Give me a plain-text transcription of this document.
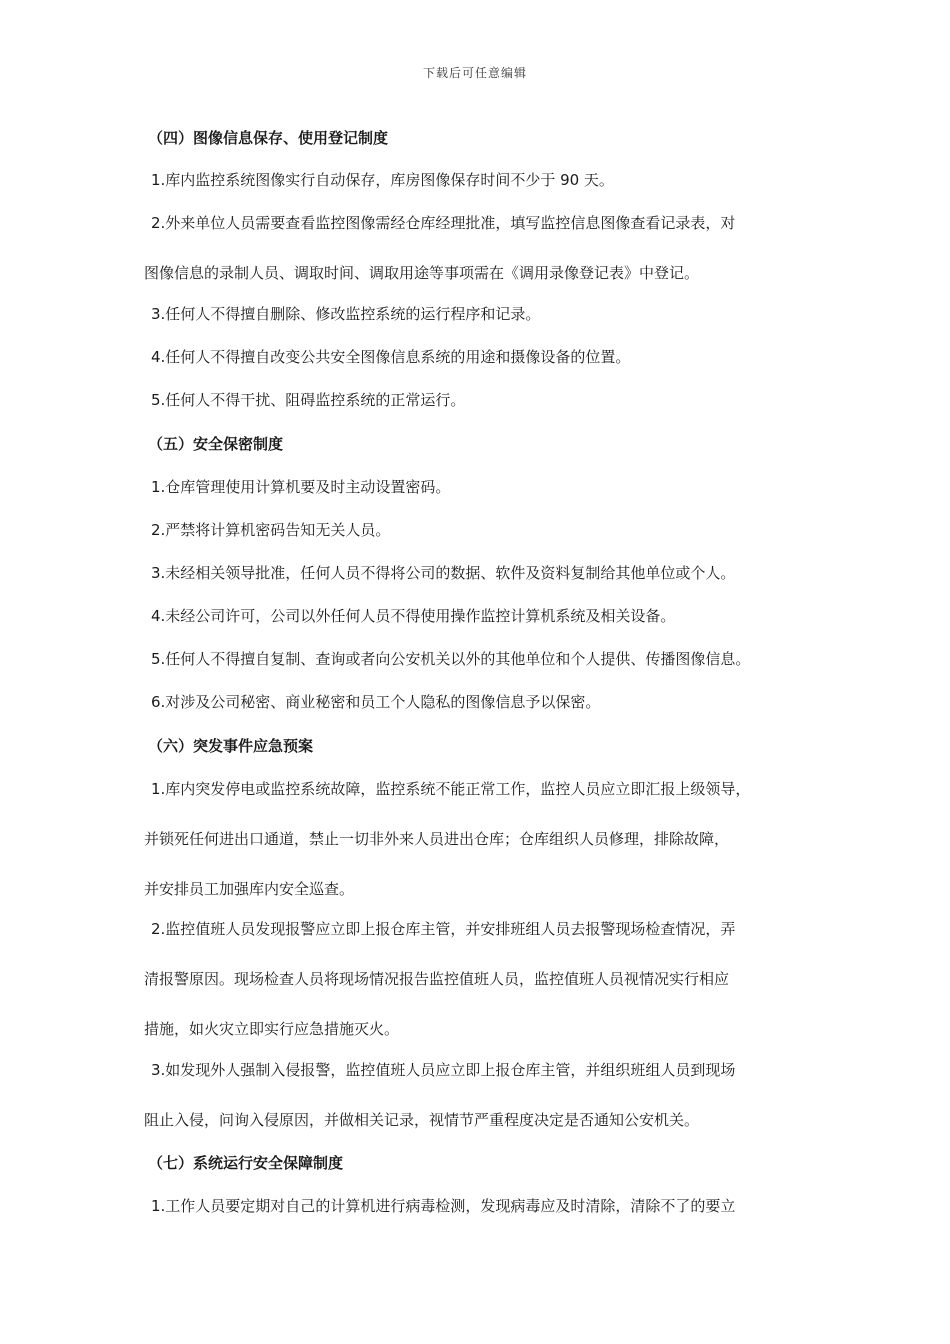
下载后可任意编辑
（四）图像信息保存、使用登记制度
1.库内监控系统图像实行自动保存，库房图像保存时间不少于 90 天。
2.外来单位人员需要查看监控图像需经仓库经理批准，填写监控信息图像查看记录表，对
图像信息的录制人员、调取时间、调取用途等事项需在《调用录像登记表》中登记。
3.任何人不得擅自删除、修改监控系统的运行程序和记录。
4.任何人不得擅自改变公共安全图像信息系统的用途和摄像设备的位置。
5.任何人不得干扰、阻碍监控系统的正常运行。
（五）安全保密制度
1.仓库管理使用计算机要及时主动设置密码。
2.严禁将计算机密码告知无关人员。
3.未经相关领导批准，任何人员不得将公司的数据、软件及资料复制给其他单位或个人。
4.未经公司许可，公司以外任何人员不得使用操作监控计算机系统及相关设备。
5.任何人不得擅自复制、查询或者向公安机关以外的其他单位和个人提供、传播图像信息。
6.对涉及公司秘密、商业秘密和员工个人隐私的图像信息予以保密。
（六）突发事件应急预案
1.库内突发停电或监控系统故障，监控系统不能正常工作，监控人员应立即汇报上级领导，
并锁死任何进出口通道，禁止一切非外来人员进出仓库；仓库组织人员修理，排除故障，
并安排员工加强库内安全巡查。
2.监控值班人员发现报警应立即上报仓库主管，并安排班组人员去报警现场检查情况，弄
清报警原因。现场检查人员将现场情况报告监控值班人员，监控值班人员视情况实行相应
措施，如火灾立即实行应急措施灭火。
3.如发现外人强制入侵报警，监控值班人员应立即上报仓库主管，并组织班组人员到现场
阻止入侵，问询入侵原因，并做相关记录，视情节严重程度决定是否通知公安机关。
（七）系统运行安全保障制度
1.工作人员要定期对自己的计算机进行病毒检测，发现病毒应及时清除，清除不了的要立
